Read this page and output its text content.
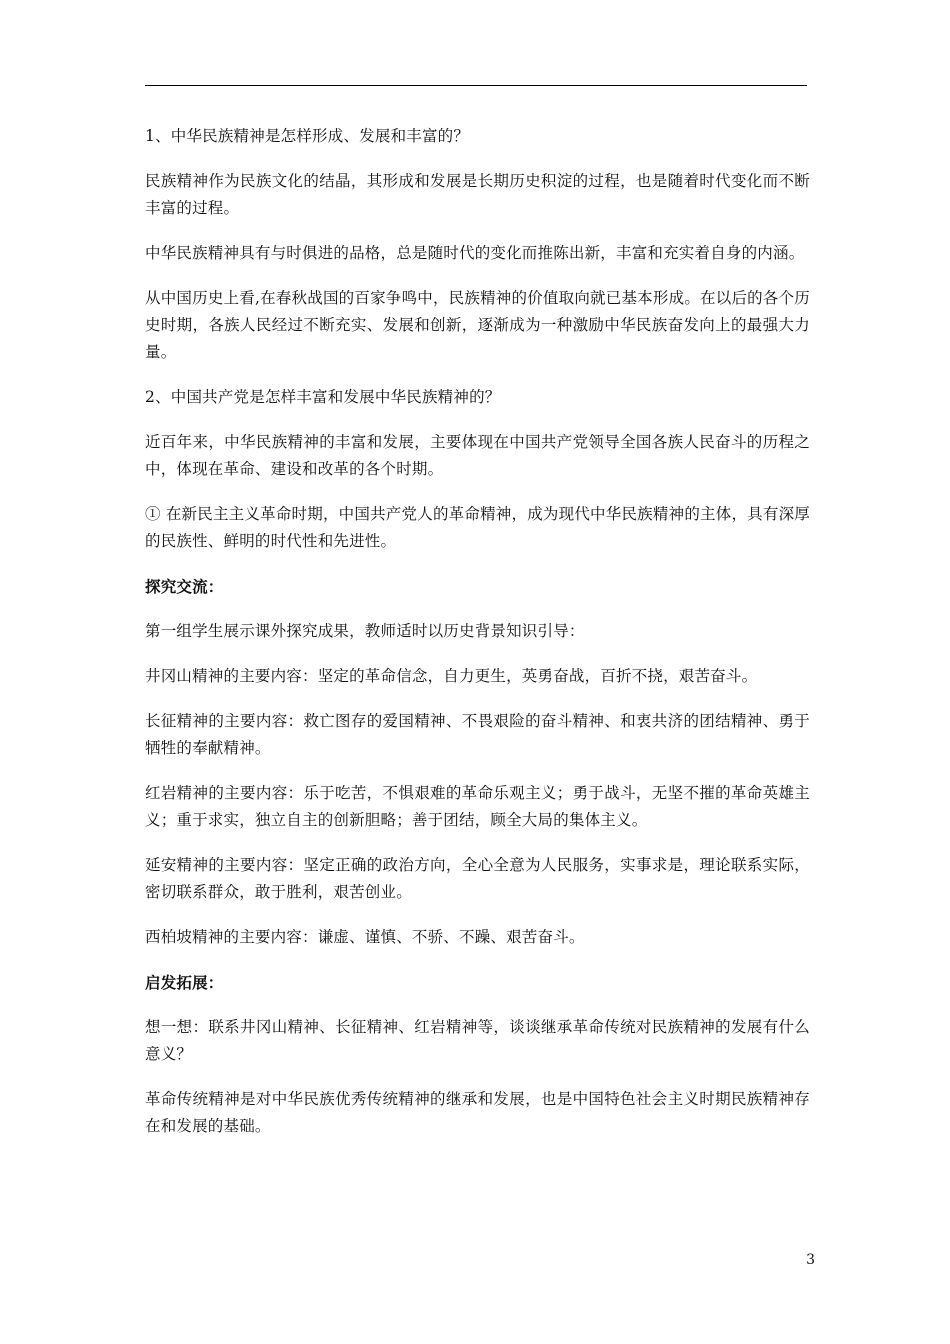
1、中华民族精神是怎样形成、发展和丰富的？

民族精神作为民族文化的结晶，其形成和发展是长期历史积淀的过程，也是随着时代变化而不断丰富的过程。

中华民族精神具有与时俱进的品格，总是随时代的变化而推陈出新，丰富和充实着自身的内涵。

从中国历史上看,在春秋战国的百家争鸣中，民族精神的价值取向就已基本形成。在以后的各个历史时期，各族人民经过不断充实、发展和创新，逐渐成为一种激励中华民族奋发向上的最强大力量。

2、中国共产党是怎样丰富和发展中华民族精神的？

近百年来，中华民族精神的丰富和发展，主要体现在中国共产党领导全国各族人民奋斗的历程之中，体现在革命、建设和改革的各个时期。

① 在新民主主义革命时期，中国共产党人的革命精神，成为现代中华民族精神的主体，具有深厚的民族性、鲜明的时代性和先进性。

探究交流：

第一组学生展示课外探究成果，教师适时以历史背景知识引导：

井冈山精神的主要内容：坚定的革命信念，自力更生，英勇奋战，百折不挠，艰苦奋斗。

长征精神的主要内容：救亡图存的爱国精神、不畏艰险的奋斗精神、和衷共济的团结精神、勇于牺牲的奉献精神。

红岩精神的主要内容：乐于吃苦，不惧艰难的革命乐观主义；勇于战斗，无坚不摧的革命英雄主义；重于求实，独立自主的创新胆略；善于团结，顾全大局的集体主义。

延安精神的主要内容：坚定正确的政治方向，全心全意为人民服务，实事求是，理论联系实际，密切联系群众，敢于胜利，艰苦创业。

西柏坡精神的主要内容：谦虚、谨慎、不骄、不躁、艰苦奋斗。

启发拓展：

想一想：联系井冈山精神、长征精神、红岩精神等，谈谈继承革命传统对民族精神的发展有什么意义？

革命传统精神是对中华民族优秀传统精神的继承和发展，也是中国特色社会主义时期民族精神存在和发展的基础。

3
